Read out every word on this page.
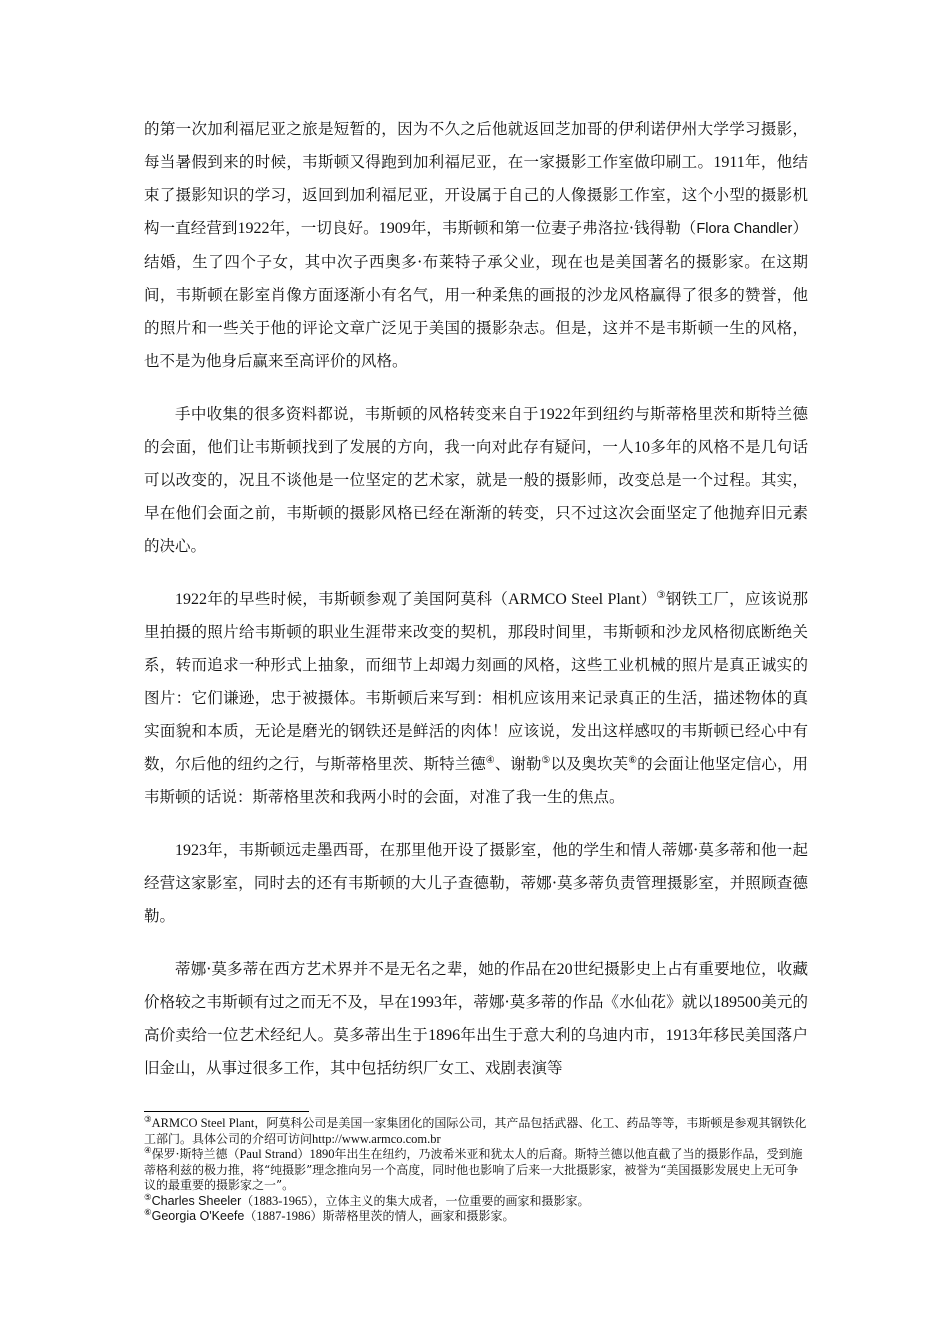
的第一次加利福尼亚之旅是短暂的，因为不久之后他就返回芝加哥的伊利诺伊州大学学习摄影，每当暑假到来的时候，韦斯顿又得跑到加利福尼亚，在一家摄影工作室做印刷工。1911年，他结束了摄影知识的学习，返回到加利福尼亚，开设属于自己的人像摄影工作室，这个小型的摄影机构一直经营到1922年，一切良好。1909年，韦斯顿和第一位妻子弗洛拉·钱得勒（Flora Chandler）结婚，生了四个子女，其中次子西奥多·布莱特子承父业，现在也是美国著名的摄影家。在这期间，韦斯顿在影室肖像方面逐渐小有名气，用一种柔焦的画报的沙龙风格赢得了很多的赞誉，他的照片和一些关于他的评论文章广泛见于美国的摄影杂志。但是，这并不是韦斯顿一生的风格，也不是为他身后赢来至高评价的风格。

手中收集的很多资料都说，韦斯顿的风格转变来自于1922年到纽约与斯蒂格里茨和斯特兰德的会面，他们让韦斯顿找到了发展的方向，我一向对此存有疑问，一人10多年的风格不是几句话可以改变的，况且不谈他是一位坚定的艺术家，就是一般的摄影师，改变总是一个过程。其实，早在他们会面之前，韦斯顿的摄影风格已经在渐渐的转变，只不过这次会面坚定了他抛弃旧元素的决心。

1922年的早些时候，韦斯顿参观了美国阿莫科（ARMCO Steel Plant）③钢铁工厂，应该说那里拍摄的照片给韦斯顿的职业生涯带来改变的契机，那段时间里，韦斯顿和沙龙风格彻底断绝关系，转而追求一种形式上抽象，而细节上却竭力刻画的风格，这些工业机械的照片是真正诚实的图片：它们谦逊，忠于被摄体。韦斯顿后来写到：相机应该用来记录真正的生活，描述物体的真实面貌和本质，无论是磨光的钢铁还是鲜活的肉体！应该说，发出这样感叹的韦斯顿已经心中有数，尔后他的纽约之行，与斯蒂格里茨、斯特兰德④、谢勒⑤以及奥坎芙⑥的会面让他坚定信心，用韦斯顿的话说：斯蒂格里茨和我两小时的会面，对准了我一生的焦点。

1923年，韦斯顿远走墨西哥，在那里他开设了摄影室，他的学生和情人蒂娜·莫多蒂和他一起经营这家影室，同时去的还有韦斯顿的大儿子查德勒，蒂娜·莫多蒂负责管理摄影室，并照顾查德勒。

蒂娜·莫多蒂在西方艺术界并不是无名之辈，她的作品在20世纪摄影史上占有重要地位，收藏价格较之韦斯顿有过之而无不及，早在1993年，蒂娜·莫多蒂的作品《水仙花》就以189500美元的高价卖给一位艺术经纪人。莫多蒂出生于1896年出生于意大利的乌迪内市，1913年移民美国落户旧金山，从事过很多工作，其中包括纺织厂女工、戏剧表演等

③ARMCO Steel Plant，阿莫科公司是美国一家集团化的国际公司，其产品包括武器、化工、药品等等，韦斯顿是参观其钢铁化工部门。具体公司的介绍可访问http://www.armco.com.br

④保罗·斯特兰德（Paul Strand）1890年出生在纽约，乃波希米亚和犹太人的后裔。斯特兰德以他直截了当的摄影作品，受到施蒂格利兹的极力推，将“纯摄影”理念推向另一个高度，同时他也影响了后来一大批摄影家，被誉为“美国摄影发展史上无可争议的最重要的摄影家之一”。

⑤Charles Sheeler（1883-1965），立体主义的集大成者，一位重要的画家和摄影家。

⑥Georgia O'Keefe（1887-1986）斯蒂格里茨的情人，画家和摄影家。
